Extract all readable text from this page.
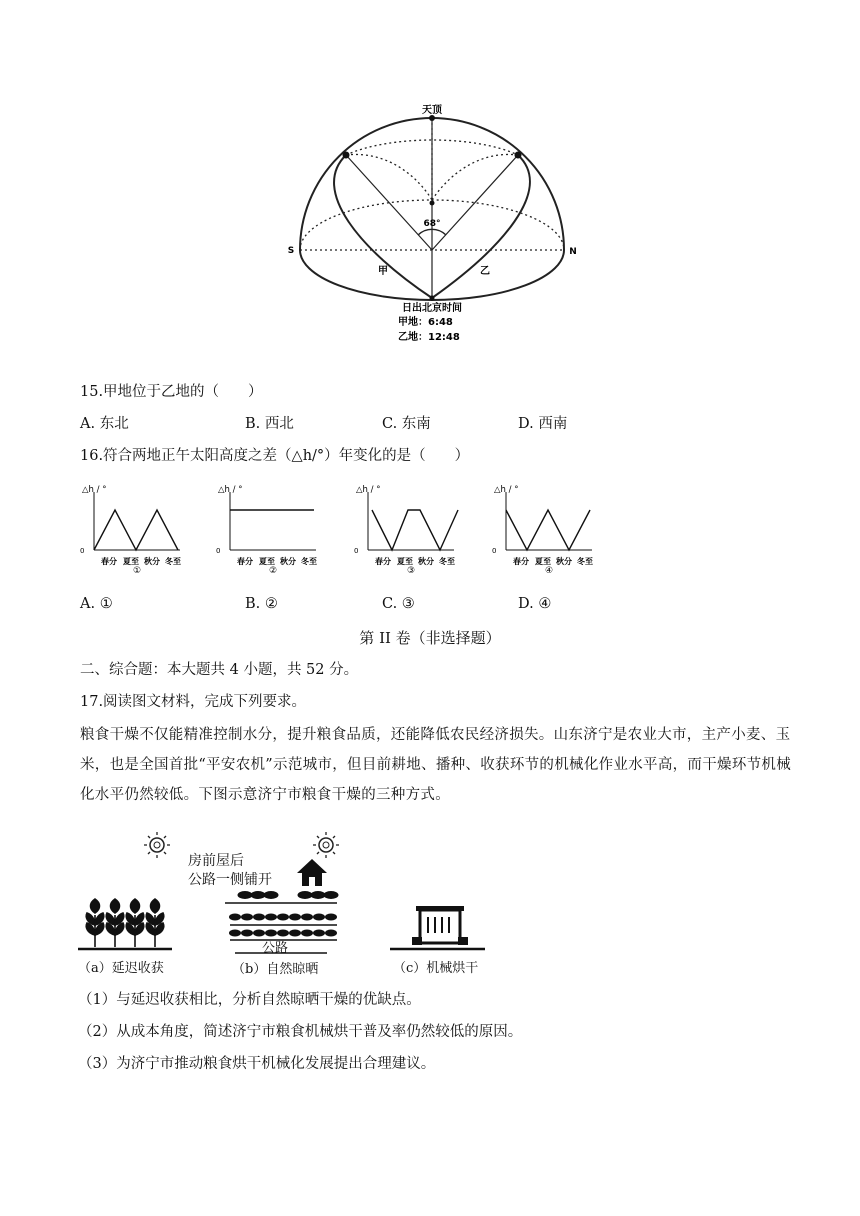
天顶
S	N
68°
甲	乙
日出北京时间
甲地：6:48
乙地：12:48
15.甲地位于乙地的（　　）
A. 东北	B. 西北	C. 东南	D. 西南
16.符合两地正午太阳高度之差（△h/°）年变化的是（　　）
△h / °
0
春分 夏至 秋分 冬至
①
△h / °
0
春分 夏至 秋分 冬至
②
△h / °
0
春分 夏至 秋分 冬至
③
△h / °
0
春分 夏至 秋分 冬至
④
A. ①	B. ②	C. ③	D. ④
第 II 卷（非选择题）
二、综合题：本大题共 4 小题，共 52 分。
17.阅读图文材料，完成下列要求。
粮食干燥不仅能精准控制水分，提升粮食品质，还能降低农民经济损失。山东济宁是农业大市，主产小麦、玉米，也是全国首批“平安农机”示范城市，但目前耕地、播种、收获环节的机械化作业水平高，而干燥环节机械化水平仍然较低。下图示意济宁市粮食干燥的三种方式。
房前屋后
公路一侧铺开
公路
（a）延迟收获	（b）自然晾晒	（c）机械烘干
（1）与延迟收获相比，分析自然晾晒干燥的优缺点。
（2）从成本角度，简述济宁市粮食机械烘干普及率仍然较低的原因。
（3）为济宁市推动粮食烘干机械化发展提出合理建议。
